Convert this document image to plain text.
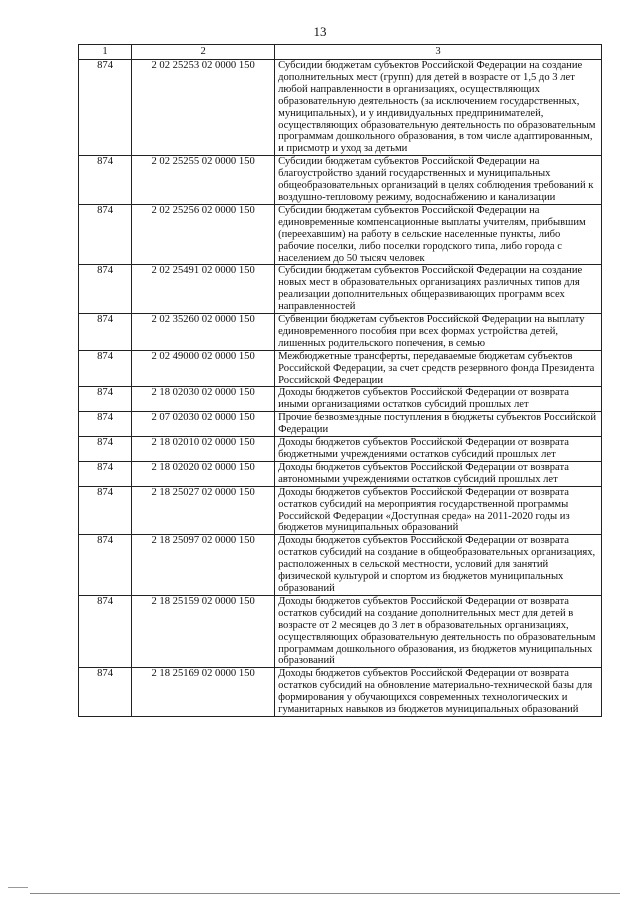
13
1	2	3
874	2 02 25253 02 0000 150	Субсидии бюджетам субъектов Российской Федерации на создание дополнительных мест (групп) для детей в возрасте от 1,5 до 3 лет любой направленности в организациях, осуществляющих образовательную деятельность (за исключением государственных, муниципальных), и у индивидуальных предпринимателей, осуществляющих образовательную деятельность по образовательным программам дошкольного образования, в том числе адаптированным, и присмотр и уход за детьми
874	2 02 25255 02 0000 150	Субсидии бюджетам субъектов Российской Федерации на благоустройство зданий государственных и муниципальных общеобразовательных организаций в целях соблюдения требований к воздушно-тепловому режиму, водоснабжению и канализации
874	2 02 25256 02 0000 150	Субсидии бюджетам субъектов Российской Федерации на единовременные компенсационные выплаты учителям, прибывшим (переехавшим) на работу в сельские населенные пункты, либо рабочие поселки, либо поселки городского типа, либо города с населением до 50 тысяч человек
874	2 02 25491 02 0000 150	Субсидии бюджетам субъектов Российской Федерации на создание новых мест в образовательных организациях различных типов для реализации дополнительных общеразвивающих программ всех направленностей
874	2 02 35260 02 0000 150	Субвенции бюджетам субъектов Российской Федерации на выплату единовременного пособия при всех формах устройства детей, лишенных родительского попечения, в семью
874	2 02 49000 02 0000 150	Межбюджетные трансферты, передаваемые бюджетам субъектов Российской Федерации, за счет средств резервного фонда Президента Российской Федерации
874	2 18 02030 02 0000 150	Доходы бюджетов субъектов Российской Федерации от возврата иными организациями остатков субсидий прошлых лет
874	2 07 02030 02 0000 150	Прочие безвозмездные поступления в бюджеты субъектов Российской Федерации
874	2 18 02010 02 0000 150	Доходы бюджетов субъектов Российской Федерации от возврата бюджетными учреждениями остатков субсидий прошлых лет
874	2 18 02020 02 0000 150	Доходы бюджетов субъектов Российской Федерации от возврата автономными учреждениями остатков субсидий прошлых лет
874	2 18 25027 02 0000 150	Доходы бюджетов субъектов Российской Федерации от возврата остатков субсидий на мероприятия государственной программы Российской Федерации «Доступная среда» на 2011-2020 годы из бюджетов муниципальных образований
874	2 18 25097 02 0000 150	Доходы бюджетов субъектов Российской Федерации от возврата остатков субсидий на создание в общеобразовательных организациях, расположенных в сельской местности, условий для занятий физической культурой и спортом из бюджетов муниципальных образований
874	2 18 25159 02 0000 150	Доходы бюджетов субъектов Российской Федерации от возврата остатков субсидий на создание дополнительных мест для детей в возрасте от 2 месяцев до 3 лет в образовательных организациях, осуществляющих образовательную деятельность по образовательным программам дошкольного образования, из бюджетов муниципальных образований
874	2 18 25169 02 0000 150	Доходы бюджетов субъектов Российской Федерации от возврата остатков субсидий на обновление материально-технической базы для формирования у обучающихся современных технологических и гуманитарных навыков из бюджетов муниципальных образований
